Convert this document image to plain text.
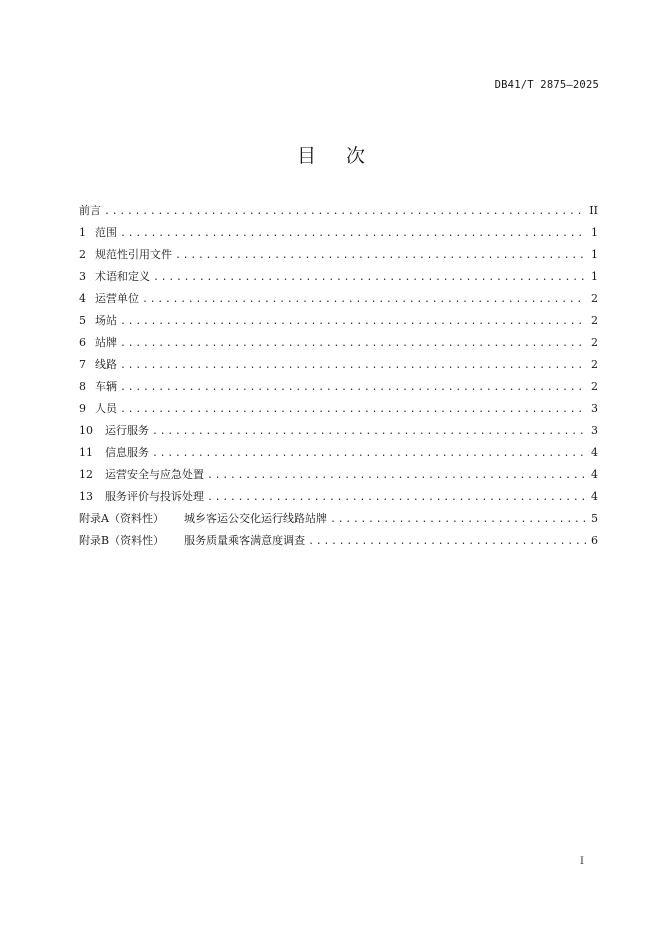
DB41/T 2875—2025
目次
前言 .....	II
1 范围 .....	1
2 规范性引用文件 .....	1
3 术语和定义 .....	1
4 运营单位 .....	2
5 场站 .....	2
6 站牌 .....	2
7 线路 .....	2
8 车辆 .....	2
9 人员 .....	3
10	运行服务 .....	3
11	信息服务 .....	4
12	运营安全与应急处置 .....	4
13	服务评价与投诉处理 .....	4
附录A（资料性） 城乡客运公交化运行线路站牌 .....	5
附录B（资料性） 服务质量乘客满意度调查 .....	6
I
